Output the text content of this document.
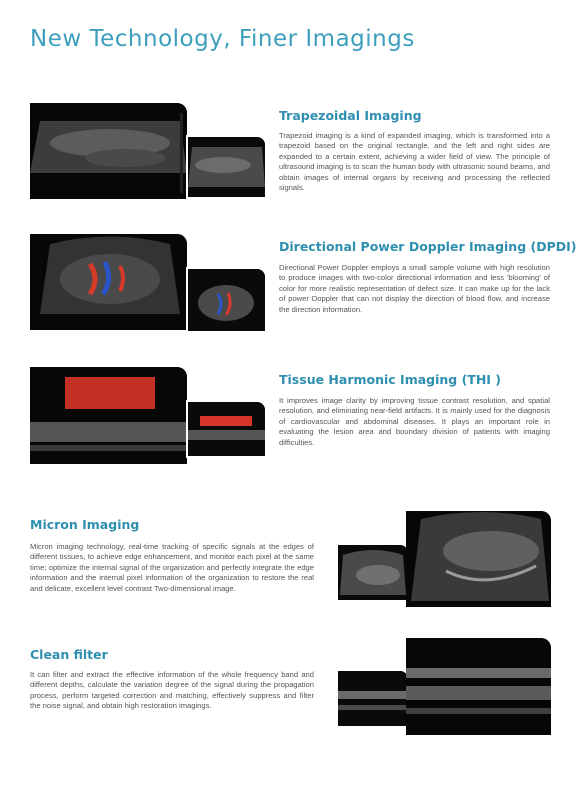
New Technology, Finer Imagings
Trapezoidal Imaging
Trapezoid imaging is a kind of expanded imaging, which is transformed into a trapezoid based on the original rectangle, and the left and right sides are expanded to a certain extent, achieving a wider field of view. The principle of ultrasound imaging is to scan the human body with ultrasonic sound beams, and obtain images of internal organs by receiving and processing the reflected signals.
Directional Power Doppler Imaging (DPDI)
Directional Power Doppler employs a small sample volume with high resolution to produce images with two-color directional information and less 'blooming' of color for more realistic representation of defect size. It can make up for the lack of power Doppler that can not display the direction of blood flow, and increase the direction information.
Tissue Harmonic Imaging (THI )
It improves image clarity by improving tissue contrast resolution, and spatial resolution, and eliminating near-field artifacts. It is mainly used for the diagnosis of cardiovascular and abdominal diseases. It plays an important role in evaluating the lesion area and boundary division of patients with imaging difficulties.
Micron Imaging
Micron imaging technology, real-time tracking of specific signals at the edges of different tissues, to achieve edge enhancement, and monitor each pixel at the same time; optimize the internal signal of the organization and perfectly integrate the edge information and the internal pixel information of the organization to restore the real and delicate, excellent level contrast Two-dimensional image.
Clean filter
It can filter and extract the effective information of the whole frequency band and different depths, calculate the variation degree of the signal during the propagation process, perform targeted correction and matching, effectively suppress and filter the noise signal, and obtain high restoration imagings.
